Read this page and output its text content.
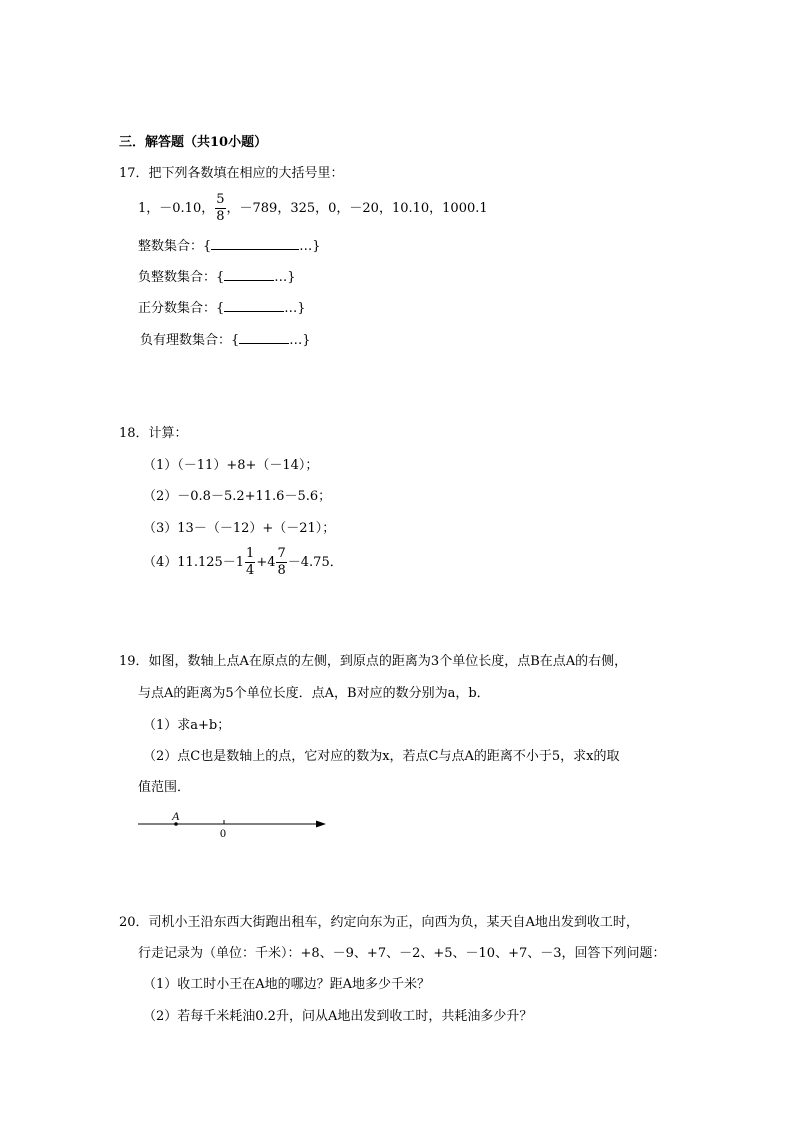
三．解答题（共10小题）
17．把下列各数填在相应的大括号里：
1，－0.10， $\frac{5}{8}$ ，－789，325，0，－20，10.10，1000.1
整数集合：{	…}
负整数集合：{	…}
正分数集合：{	…}
负有理数集合：{	…}
18．计算：
（1）（－11）+8+（－14）；
（2）－0.8－5.2+11.6－5.6；
（3）13－（－12）+（－21）；
$(4)11.125-1 \frac{1}{4} +4 \frac{7}{8} -4.75$．
19．如图，数轴上点A在原点的左侧，到原点的距离为3个单位长度，点B在点A的右侧，
与点A的距离为5个单位长度．点A，B对应的数分别为a，b．
（1）求a+b；
（2）点C也是数轴上的点，它对应的数为x，若点C与点A的距离不小于5，求x的取
值范围．
A
0
20．司机小王沿东西大街跑出租车，约定向东为正，向西为负，某天自A地出发到收工时，
行走记录为（单位：千米）：+8、－9、+7、－2、+5、－10、+7、－3，回答下列问题：
（1）收工时小王在A地的哪边？距A地多少千米？
（2）若每千米耗油0.2升，问从A地出发到收工时，共耗油多少升？
